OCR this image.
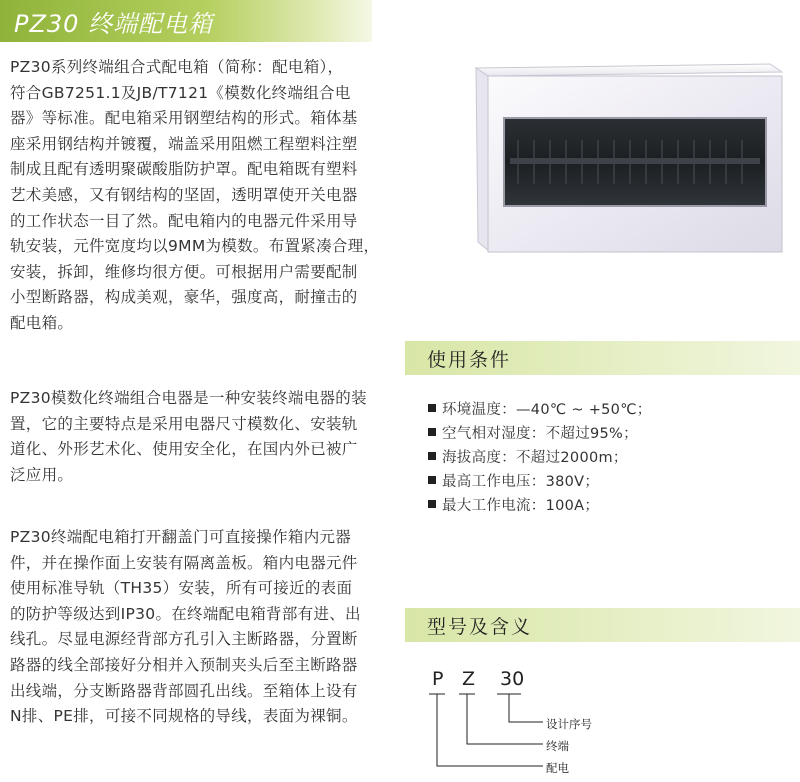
PZ30 终端配电箱
PZ30系列终端组合式配电箱（简称：配电箱），
符合GB7251.1及JB/T7121《模数化终端组合电
器》等标准。配电箱采用钢塑结构的形式。箱体基
座采用钢结构并镀覆，端盖采用阻燃工程塑料注塑
制成且配有透明聚碳酸脂防护罩。配电箱既有塑料
艺术美感，又有钢结构的坚固，透明罩使开关电器
的工作状态一目了然。配电箱内的电器元件采用导
轨安装，元件宽度均以9MM为模数。布置紧凑合理，
安装，拆卸，维修均很方便。可根据用户需要配制
小型断路器，构成美观，豪华，强度高，耐撞击的
配电箱。
PZ30模数化终端组合电器是一种安装终端电器的装
置，它的主要特点是采用电器尺寸模数化、安装轨
道化、外形艺术化、使用安全化，在国内外已被广
泛应用。
PZ30终端配电箱打开翻盖门可直接操作箱内元器
件，并在操作面上安装有隔离盖板。箱内电器元件
使用标准导轨（TH35）安装，所有可接近的表面
的防护等级达到IP30。在终端配电箱背部有进、出
线孔。尽显电源经背部方孔引入主断路器，分置断
路器的线全部接好分相并入预制夹头后至主断路器
出线端，分支断路器背部圆孔出线。至箱体上设有
N排、PE排，可接不同规格的导线，表面为裸铜。
使用条件
环境温度：—40℃ ~ +50℃；
空气相对湿度：不超过95%；
海拔高度：不超过2000m；
最高工作电压：380V；
最大工作电流：100A；
型号及含义
P Z 30
设计序号
终端
配电
